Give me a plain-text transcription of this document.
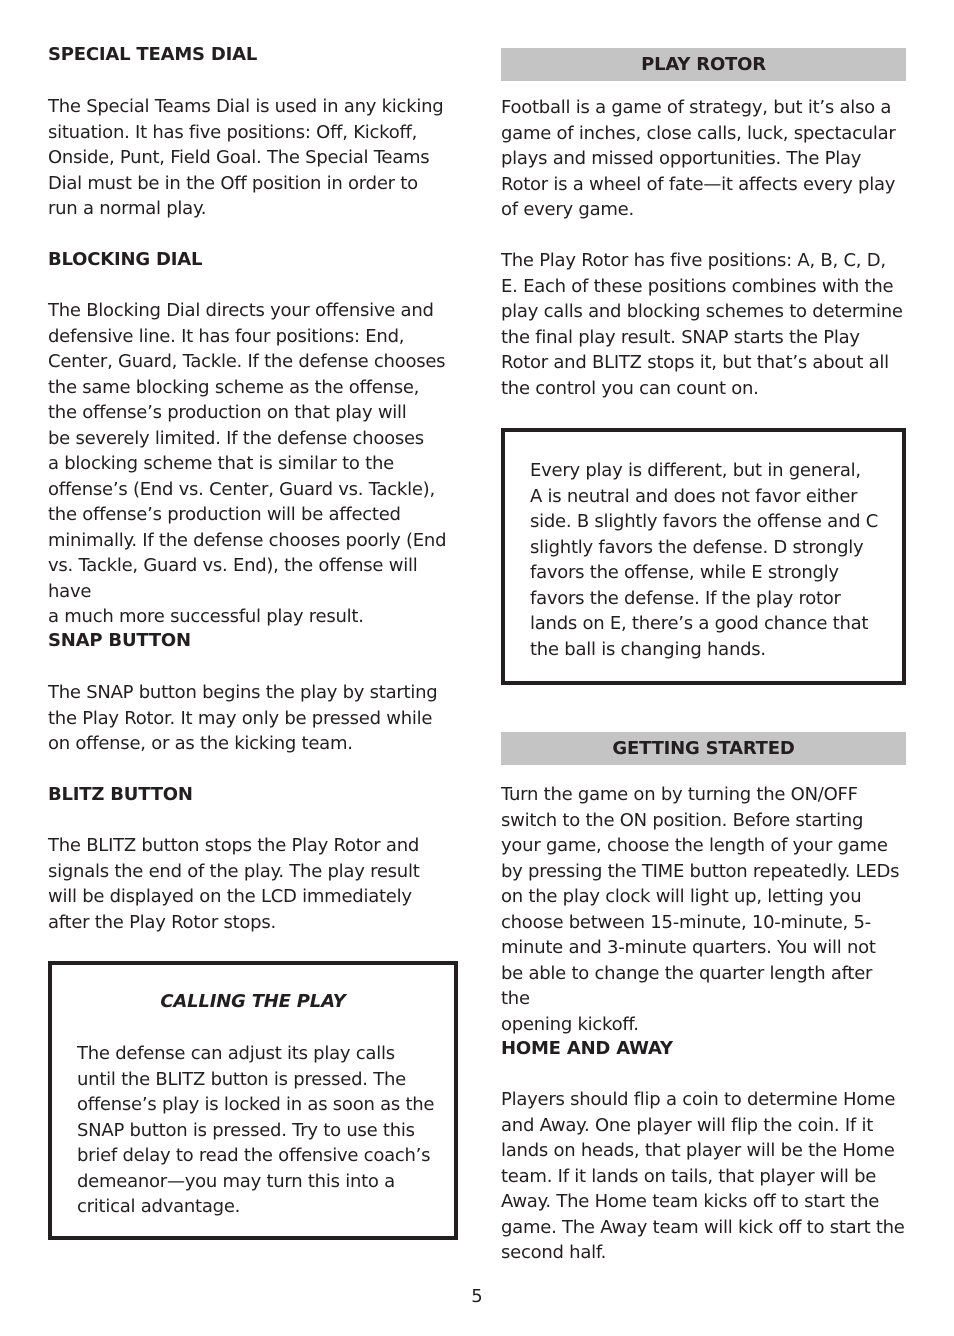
SPECIAL TEAMS DIAL

The Special Teams Dial is used in any kicking
situation. It has five positions: Off, Kickoff,
Onside, Punt, Field Goal. The Special Teams
Dial must be in the Off position in order to
run a normal play.

BLOCKING DIAL

The Blocking Dial directs your offensive and
defensive line. It has four positions: End,
Center, Guard, Tackle. If the defense chooses
the same blocking scheme as the offense,
the offense’s production on that play will
be severely limited. If the defense chooses
a blocking scheme that is similar to the
offense’s (End vs. Center, Guard vs. Tackle),
the offense’s production will be affected
minimally. If the defense chooses poorly (End
vs. Tackle, Guard vs. End), the offense will have
a much more successful play result.

SNAP BUTTON

The SNAP button begins the play by starting
the Play Rotor. It may only be pressed while
on offense, or as the kicking team.

BLITZ BUTTON

The BLITZ button stops the Play Rotor and
signals the end of the play. The play result
will be displayed on the LCD immediately
after the Play Rotor stops.

CALLING THE PLAY

The defense can adjust its play calls
until the BLITZ button is pressed. The
offense’s play is locked in as soon as the
SNAP button is pressed. Try to use this
brief delay to read the offensive coach’s
demeanor—you may turn this into a
critical advantage.

PLAY ROTOR

Football is a game of strategy, but it’s also a
game of inches, close calls, luck, spectacular
plays and missed opportunities. The Play
Rotor is a wheel of fate—it affects every play
of every game.

The Play Rotor has five positions: A, B, C, D,
E. Each of these positions combines with the
play calls and blocking schemes to determine
the final play result. SNAP starts the Play
Rotor and BLITZ stops it, but that’s about all
the control you can count on.

Every play is different, but in general,
A is neutral and does not favor either
side. B slightly favors the offense and C
slightly favors the defense. D strongly
favors the offense, while E strongly
favors the defense. If the play rotor
lands on E, there’s a good chance that
the ball is changing hands.

GETTING STARTED

Turn the game on by turning the ON/OFF
switch to the ON position. Before starting
your game, choose the length of your game
by pressing the TIME button repeatedly. LEDs
on the play clock will light up, letting you
choose between 15-minute, 10-minute, 5-
minute and 3-minute quarters. You will not
be able to change the quarter length after the
opening kickoff.

HOME AND AWAY

Players should flip a coin to determine Home
and Away. One player will flip the coin. If it
lands on heads, that player will be the Home
team. If it lands on tails, that player will be
Away. The Home team kicks off to start the
game. The Away team will kick off to start the
second half.

5
